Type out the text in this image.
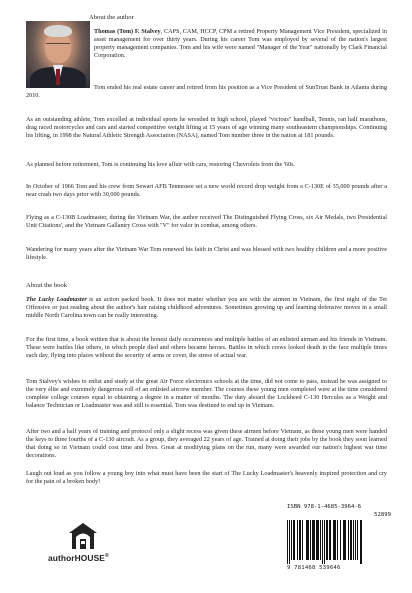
About the author
Thomas (Tom) F. Stalvey, CAPS, CAM, HCCP, CPM a retired Property Management Vice President, specialized in asset management for over thirty years. During his career Tom was employed by several of the nation's largest property management companies. Tom and his wife were named "Manager of the Year" nationally by Clark Financial Corporation.
Tom ended his real estate career and retired from his position as a Vice President of SunTrust Bank in Atlanta during 2010.
As an outstanding athlete, Tom excelled at individual sports he wrestled in high school, played "vicious" handball, Tennis, ran half marathons, drag raced motorcycles and cars and started competitive weight lifting at 15 years of age winning many southeastern championships. Continuing his lifting, in 1998 the Natural Athletic Strength Association (NASA), named Tom number three in the nation at 181 pounds.
As planned before retirement, Tom is continuing his love affair with cars, restoring Chevrolets from the '60s.
In October of 1966 Tom and his crew from Sewart AFB Tennessee set a new world record drop weight from a C-130E of 35,000 pounds after a near crash two days prior with 30,000 pounds.
Flying as a C-130B Loadmaster, during the Vietnam War, the author received The Distinguished Flying Cross, six Air Medals, two Presidential Unit Citations', and the Vietnam Gallantry Cross with "V" for valor in combat, among others.
Wandering for many years after the Vietnam War Tom renewed his faith in Christ and was blessed with two healthy children and a more positive lifestyle.
About the book
The Lucky Loadmaster is an action packed book. It does not matter whether you are with the airmen in Vietnam, the first night of the Tet Offensive or just reading about the author's hair raising childhood adventures. Sometimes growing up and learning defensive moves in a small middle North Carolina town can be really interesting.
For the first time, a book written that is about the honest daily occurrences and multiple battles of an enlisted airman and his friends in Vietnam. These were battles like others, in which people died and others became heroes. Battles in which crews looked death in the face multiple times each day, flying into places without the security of arms or cover, the stress of actual war.
Tom Stalvey's wishes to enlist and study at the great Air Force electronics schools at the time, did not come to pass, instead he was assigned to the very élite and extremely dangerous roll of an enlisted aircrew member. The courses these young men completed were at the time considered complete college courses equal to obtaining a degree in a matter of months. The duty aboard the Lockheed C-130 Hercules as a Weight and balance Technician or Loadmaster was and still is essential. Tom was destined to end up in Vietnam.
After two and a half years of training and protocol only a slight recess was given these airmen before Vietnam, as these young men were handed the keys to three fourths of a C-130 aircraft. As a group, they averaged 22 years of age. Trained at doing their jobs by the book they soon learned that doing so in Vietnam could cost time and lives. Great at modifying plans on the run, many were awarded our nation's highest war time decorations.
Laugh out loud as you follow a young boy into what must have been the start of The Lucky Loadmaster's heavenly inspired protection and cry for the pain of a broken body!
authorHOUSE®
ISBN 978-1-4685-3964-6
52899
9 781468 539646
